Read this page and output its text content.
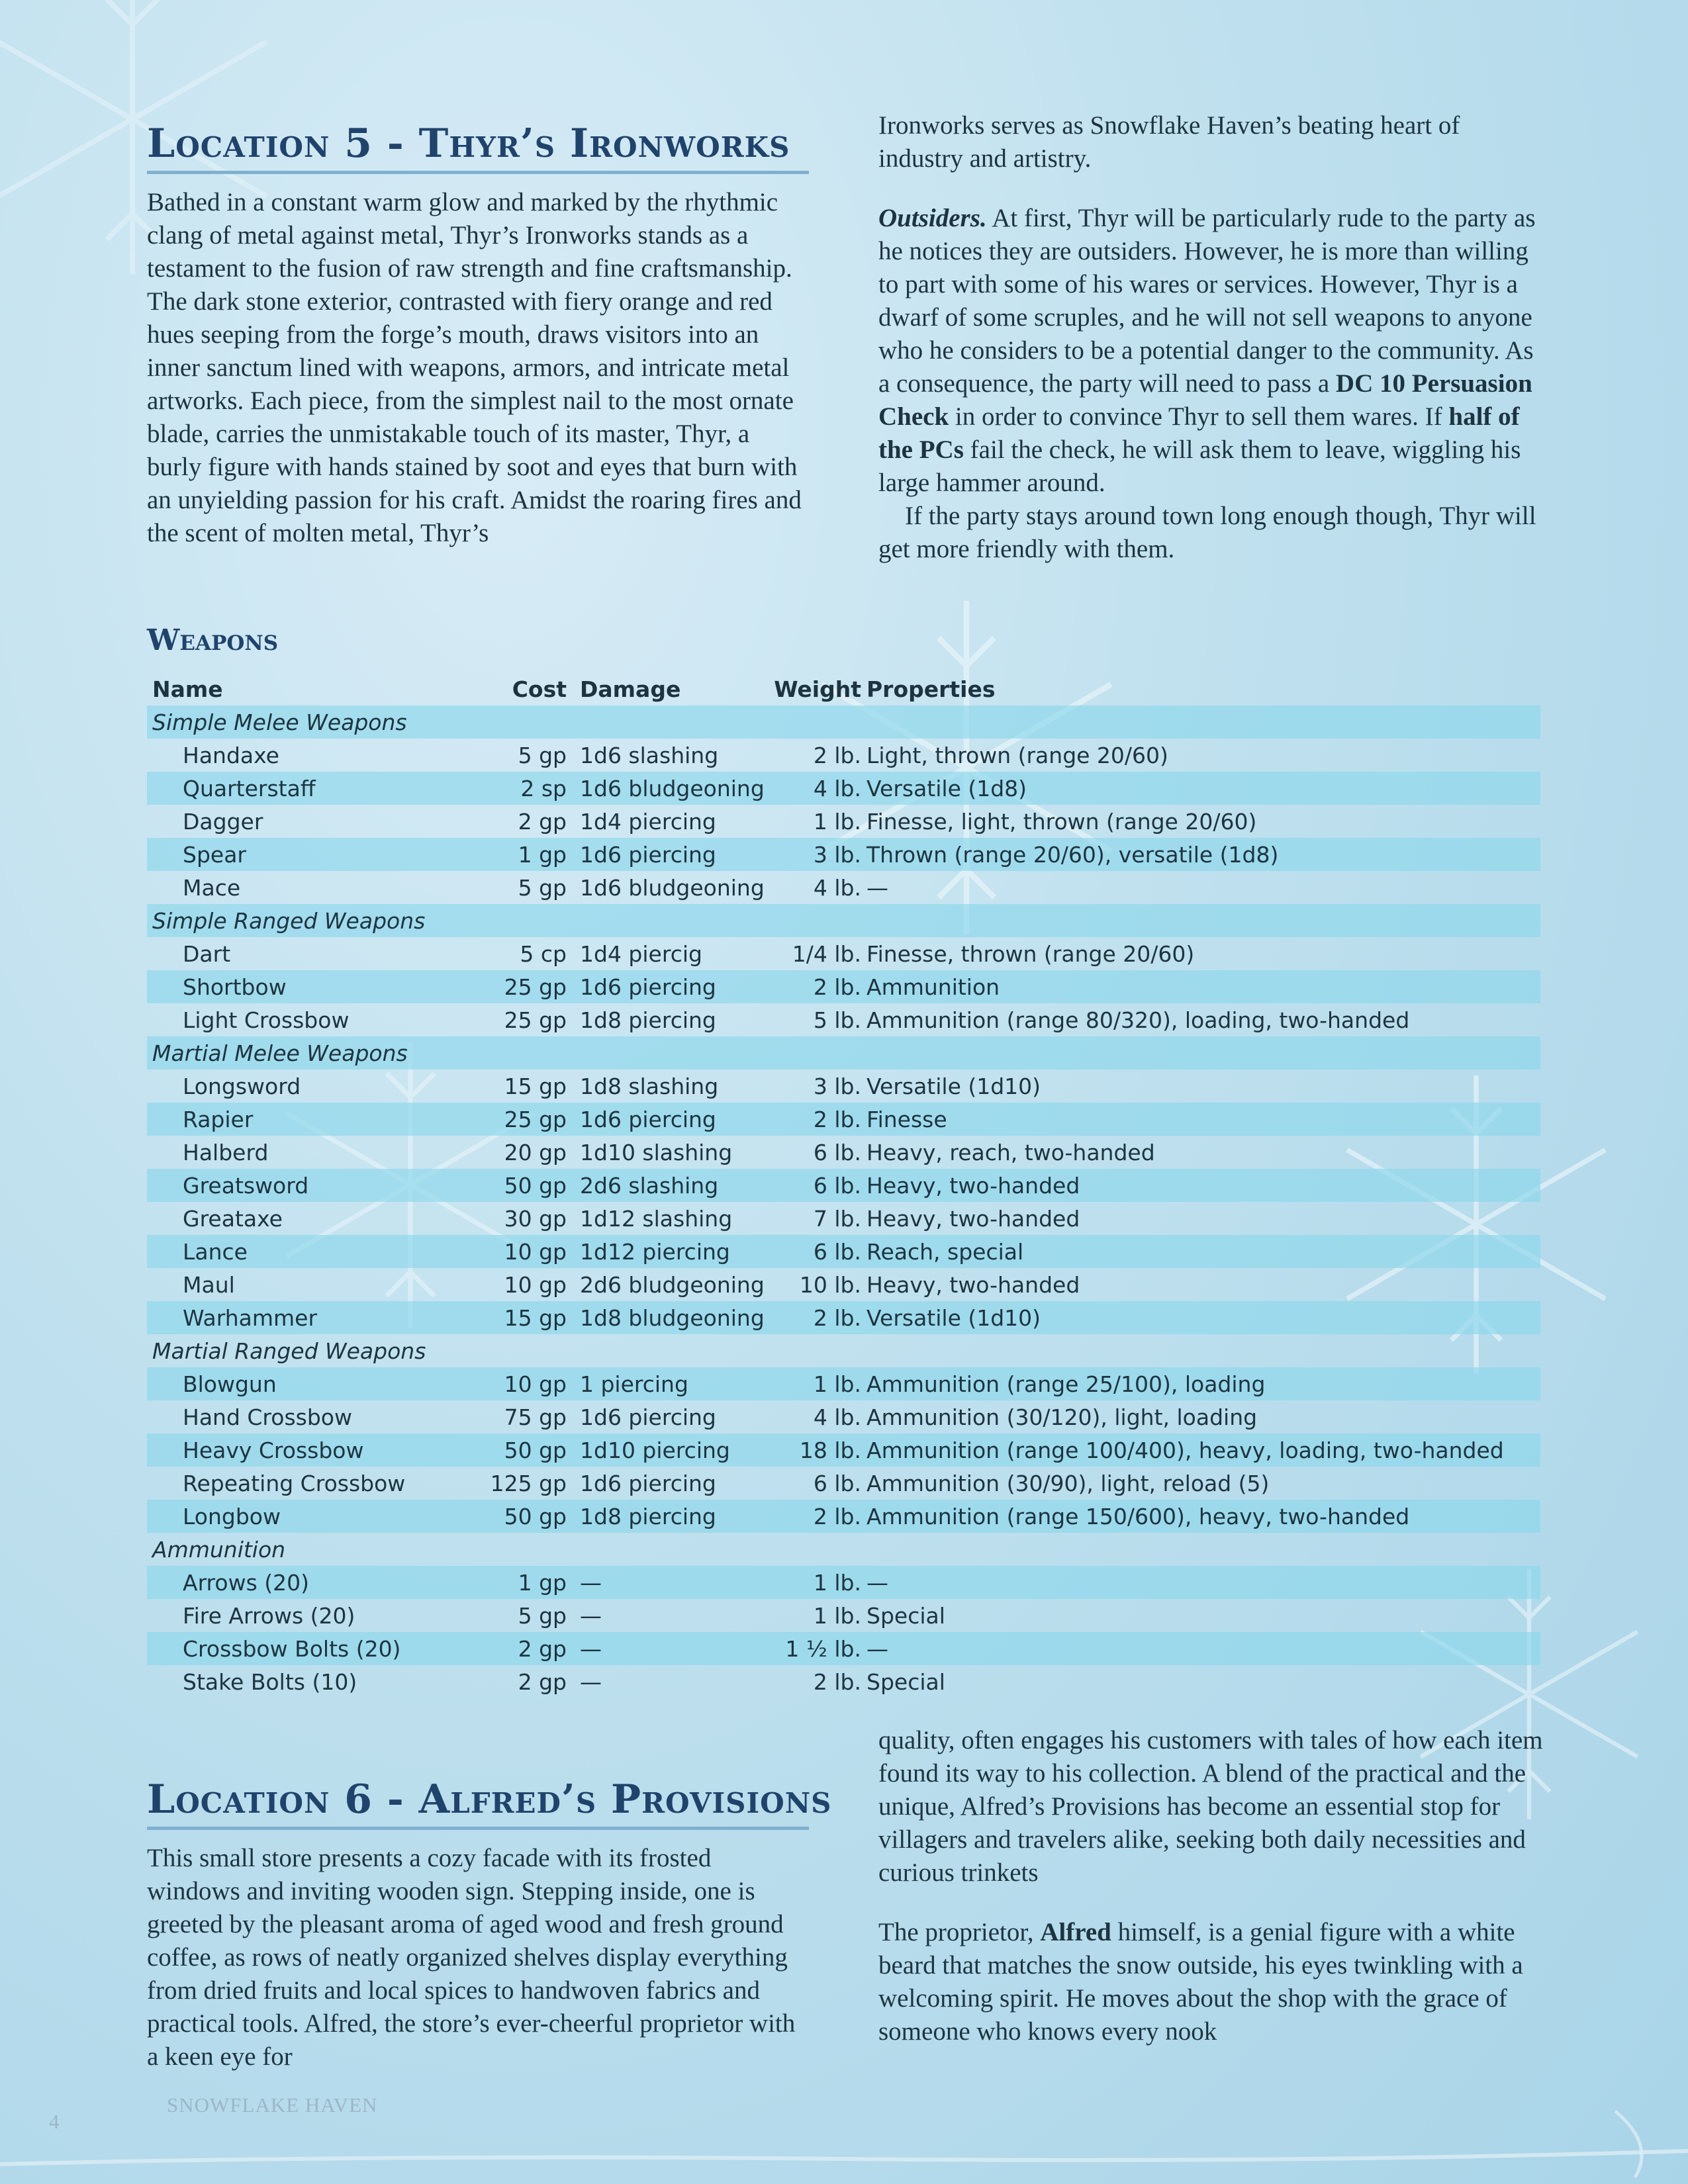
Location 5 - Thyr’s Ironworks

Bathed in a constant warm glow and marked by the rhythmic clang of metal against metal, Thyr’s Ironworks stands as a testament to the fusion of raw strength and fine craftsmanship. The dark stone exterior, contrasted with fiery orange and red hues seeping from the forge’s mouth, draws visitors into an inner sanctum lined with weapons, armors, and intricate metal artworks. Each piece, from the simplest nail to the most ornate blade, carries the unmistakable touch of its master, Thyr, a burly figure with hands stained by soot and eyes that burn with an unyielding passion for his craft. Amidst the roaring fires and the scent of molten metal, Thyr’s

Ironworks serves as Snowflake Haven’s beating heart of industry and artistry.

Outsiders. At first, Thyr will be particularly rude to the party as he notices they are outsiders. However, he is more than willing to part with some of his wares or services. However, Thyr is a dwarf of some scruples, and he will not sell weapons to anyone who he considers to be a potential danger to the community. As a consequence, the party will need to pass a DC 10 Persuasion Check in order to convince Thyr to sell them wares. If half of the PCs fail the check, he will ask them to leave, wiggling his large hammer around.

If the party stays around town long enough though, Thyr will get more friendly with them.

Weapons
Name	Cost	Damage	Weight	Properties
Simple Melee Weapons				
Handaxe	5 gp	1d6 slashing	2 lb.	Light, thrown (range 20/60)
Quarterstaff	2 sp	1d6 bludgeoning	4 lb.	Versatile (1d8)
Dagger	2 gp	1d4 piercing	1 lb.	Finesse, light, thrown (range 20/60)
Spear	1 gp	1d6 piercing	3 lb.	Thrown (range 20/60), versatile (1d8)
Mace	5 gp	1d6 bludgeoning	4 lb.	—
Simple Ranged Weapons				
Dart	5 cp	1d4 piercig	1/4 lb.	Finesse, thrown (range 20/60)
Shortbow	25 gp	1d6 piercing	2 lb.	Ammunition
Light Crossbow	25 gp	1d8 piercing	5 lb.	Ammunition (range 80/320), loading, two-handed
Martial Melee Weapons				
Longsword	15 gp	1d8 slashing	3 lb.	Versatile (1d10)
Rapier	25 gp	1d6 piercing	2 lb.	Finesse
Halberd	20 gp	1d10 slashing	6 lb.	Heavy, reach, two-handed
Greatsword	50 gp	2d6 slashing	6 lb.	Heavy, two-handed
Greataxe	30 gp	1d12 slashing	7 lb.	Heavy, two-handed
Lance	10 gp	1d12 piercing	6 lb.	Reach, special
Maul	10 gp	2d6 bludgeoning	10 lb.	Heavy, two-handed
Warhammer	15 gp	1d8 bludgeoning	2 lb.	Versatile (1d10)
Martial Ranged Weapons				
Blowgun	10 gp	1 piercing	1 lb.	Ammunition (range 25/100), loading
Hand Crossbow	75 gp	1d6 piercing	4 lb.	Ammunition (30/120), light, loading
Heavy Crossbow	50 gp	1d10 piercing	18 lb.	Ammunition (range 100/400), heavy, loading, two-handed
Repeating Crossbow	125 gp	1d6 piercing	6 lb.	Ammunition (30/90), light, reload (5)
Longbow	50 gp	1d8 piercing	2 lb.	Ammunition (range 150/600), heavy, two-handed
Ammunition				
Arrows (20)	1 gp	—	1 lb.	—
Fire Arrows (20)	5 gp	—	1 lb.	Special
Crossbow Bolts (20)	2 gp	—	1 ½ lb.	—
Stake Bolts (10)	2 gp	—	2 lb.	Special
Location 6 - Alfred’s Provisions

This small store presents a cozy facade with its frosted windows and inviting wooden sign. Stepping inside, one is greeted by the pleasant aroma of aged wood and fresh ground coffee, as rows of neatly organized shelves display everything from dried fruits and local spices to handwoven fabrics and practical tools. Alfred, the store’s ever-cheerful proprietor with a keen eye for

quality, often engages his customers with tales of how each item found its way to his collection. A blend of the practical and the unique, Alfred’s Provisions has become an essential stop for villagers and travelers alike, seeking both daily necessities and curious trinkets

The proprietor, Alfred himself, is a genial figure with a white beard that matches the snow outside, his eyes twinkling with a welcoming spirit. He moves about the shop with the grace of someone who knows every nook

SNOWFLAKE HAVEN

4
